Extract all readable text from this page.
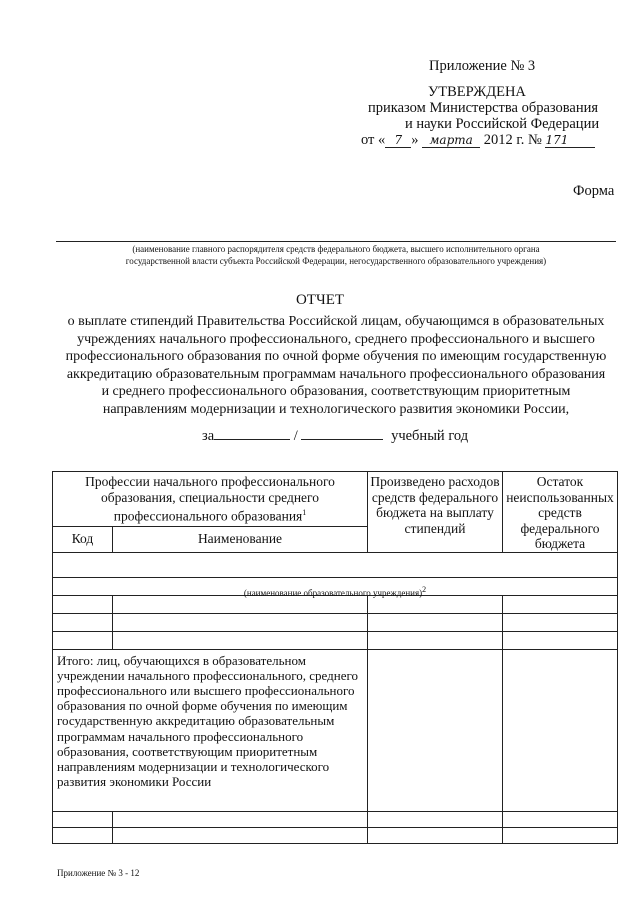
Приложение № 3
УТВЕРЖДЕНА
приказом Министерства образования
и науки Российской Федерации
от « 7 » марта 2012 г. № 171
Форма
(наименование главного распорядителя средств федерального бюджета, высшего исполнительного органа
государственной власти субъекта Российской Федерации, негосударственного образовательного учреждения)
ОТЧЕТ
о выплате стипендий Правительства Российской лицам, обучающимся в образовательных
учреждениях начального профессионального, среднего профессионального и высшего
профессионального образования по очной форме обучения по имеющим государственную
аккредитацию образовательным программам начального профессионального образования
и среднего профессионального образования, соответствующим приоритетным
направлениям модернизации и технологического развития экономики России,
за	/	учебный год
Профессии начального профессионального образования, специальности среднего профессионального образования$^1$		Произведено расходов средств федерального бюджета на выплату стипендий	Остаток неиспользованных средств федерального бюджета
Код	Наименование		

(наименование образовательного учреждения)2			

Итого: лиц, обучающихся в образовательном учреждении начального профессионального, среднего профессионального или высшего профессионального образования по очной форме обучения по имеющим государственную аккредитацию образовательным программам начального профессионального образования, соответствующим приоритетным направлениям модернизации и технологического развития экономики России			

Приложение № 3 - 12
